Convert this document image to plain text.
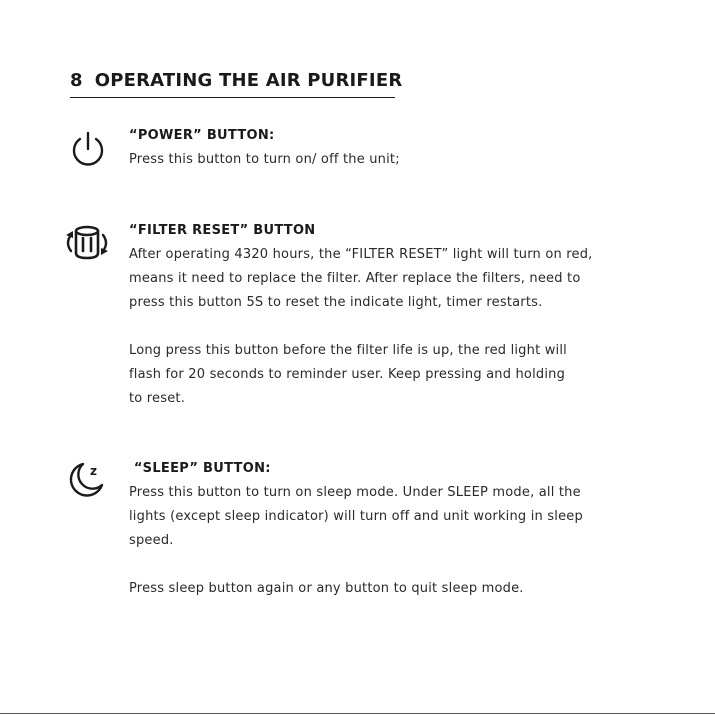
8 OPERATING THE AIR PURIFIER
“POWER” BUTTON:

Press this button to turn on/ off the unit;

“FILTER RESET” BUTTON

After operating 4320 hours, the “FILTER RESET” light will turn on red,
means it need to replace the filter. After replace the filters, need to
press this button 5S to reset the indicate light, timer restarts.

Long press this button before the filter life is up, the red light will
flash for 20 seconds to reminder user. Keep pressing and holding
to reset.

z “SLEEP” BUTTON:

Press this button to turn on sleep mode. Under SLEEP mode, all the
lights (except sleep indicator) will turn off and unit working in sleep
speed.

Press sleep button again or any button to quit sleep mode.
